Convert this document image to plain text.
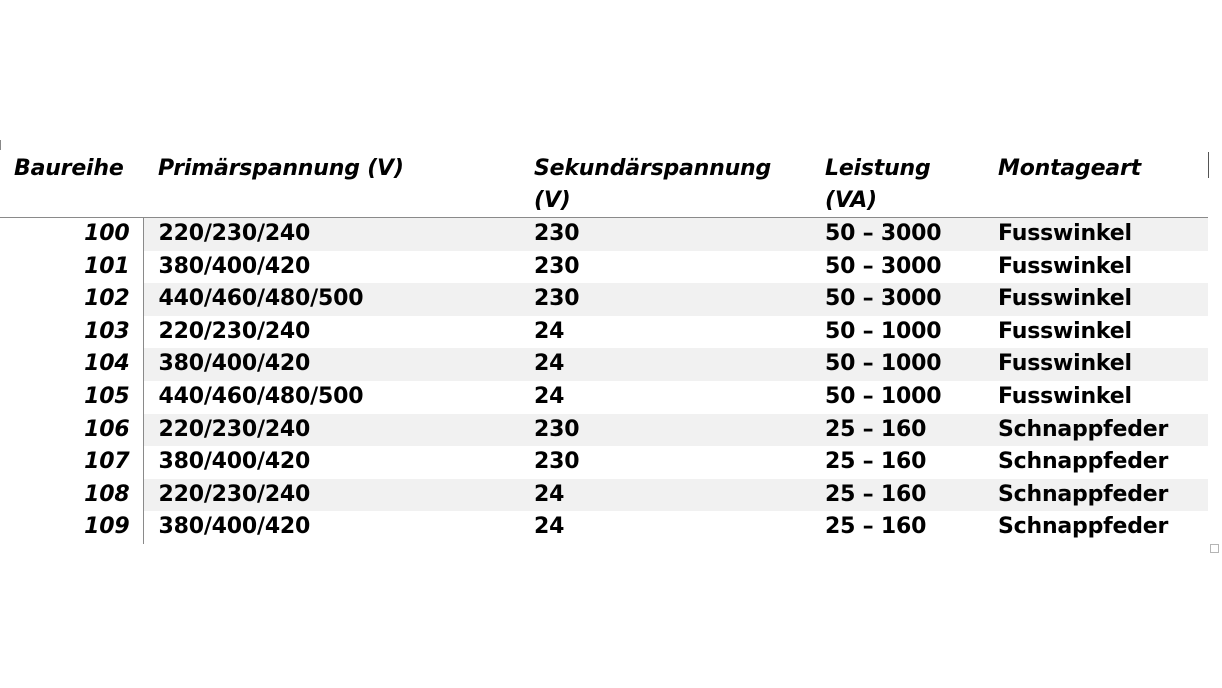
Baureihe	Primärspannung (V)	Sekundärspannung (V)	Leistung (VA)	Montageart
100	220/230/240	230	50 – 3000	Fusswinkel
101	380/400/420	230	50 – 3000	Fusswinkel
102	440/460/480/500	230	50 – 3000	Fusswinkel
103	220/230/240	24	50 – 1000	Fusswinkel
104	380/400/420	24	50 – 1000	Fusswinkel
105	440/460/480/500	24	50 – 1000	Fusswinkel
106	220/230/240	230	25 – 160	Schnappfeder
107	380/400/420	230	25 – 160	Schnappfeder
108	220/230/240	24	25 – 160	Schnappfeder
109	380/400/420	24	25 – 160	Schnappfeder
